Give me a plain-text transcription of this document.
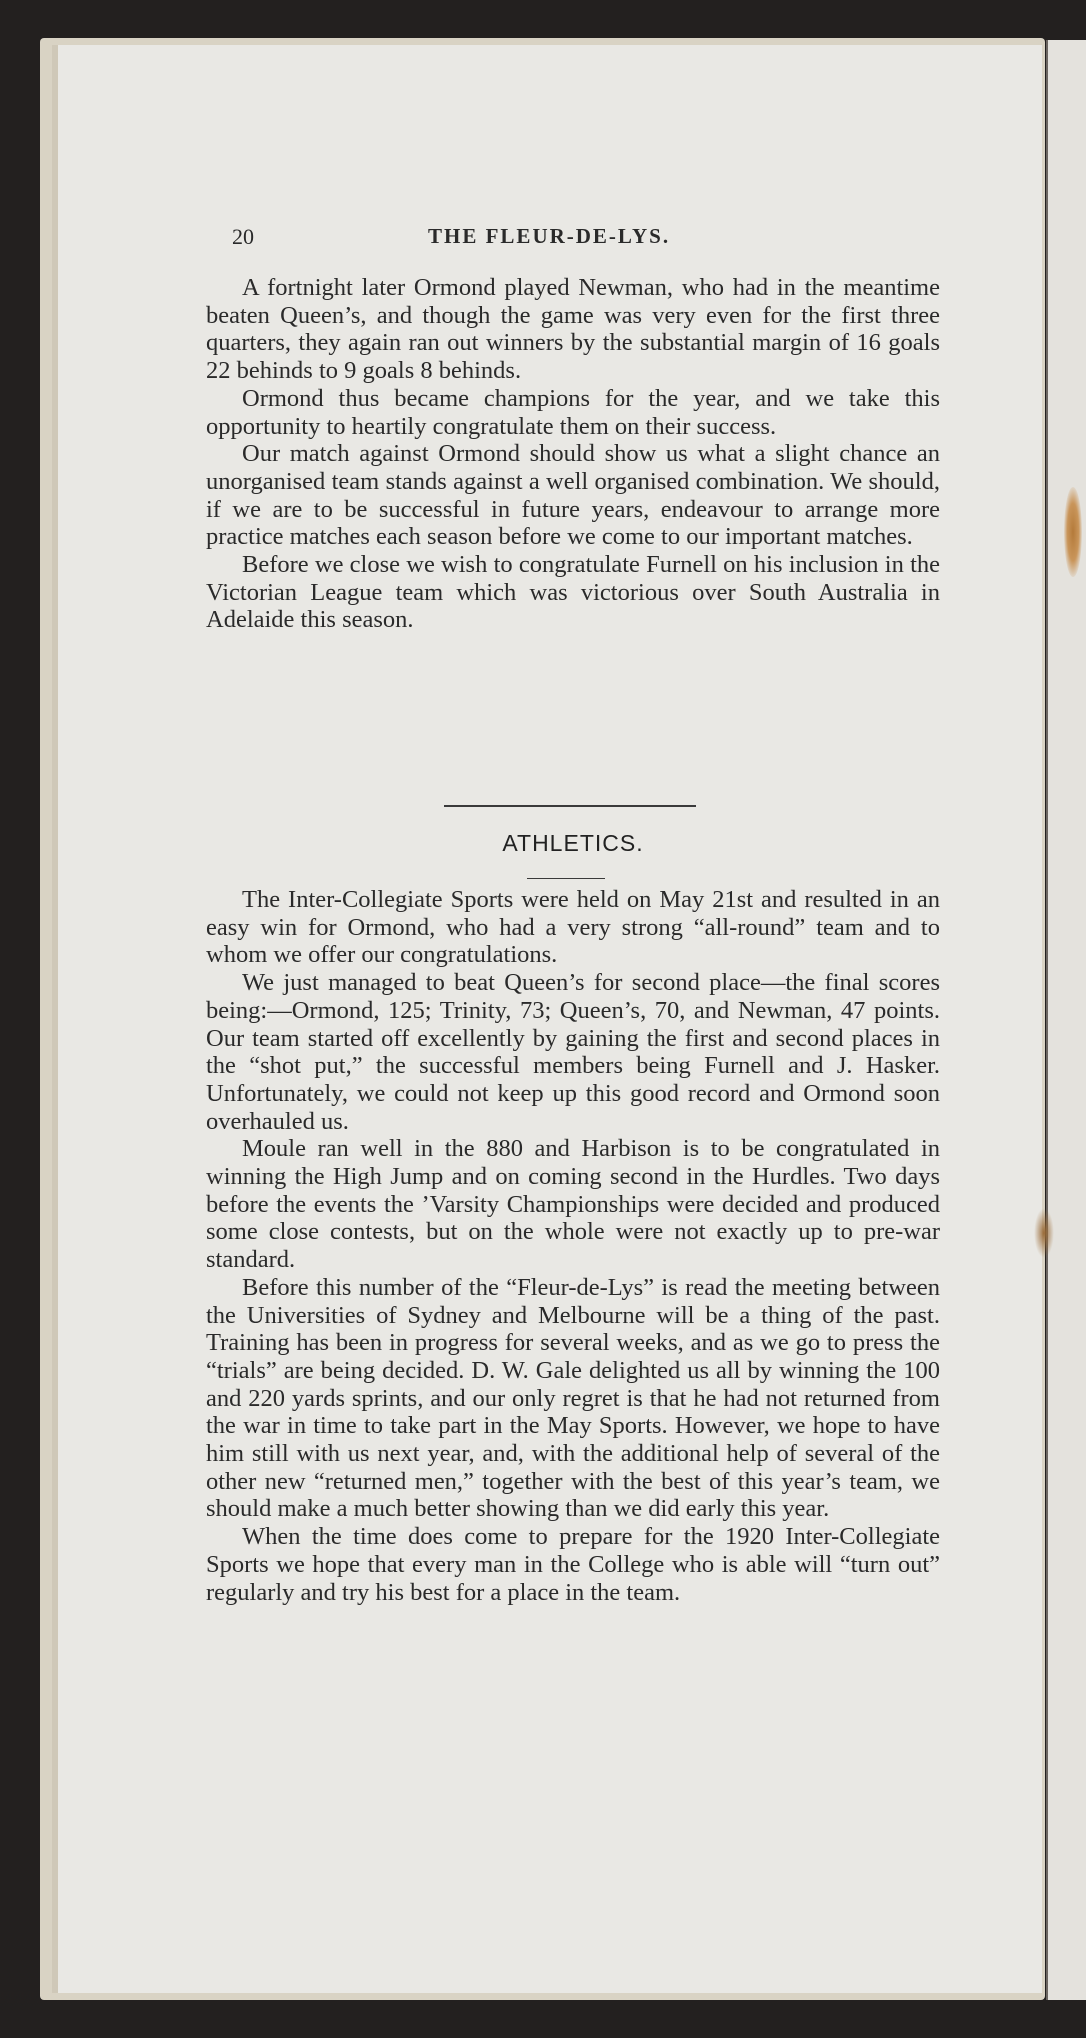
20	THE FLEUR-DE-LYS.

A fortnight later Ormond played Newman, who had in the meantime beaten Queen’s, and though the game was very even for the first three quarters, they again ran out winners by the substantial margin of 16 goals 22 behinds to 9 goals 8 behinds.

Ormond thus became champions for the year, and we take this opportunity to heartily congratulate them on their success.

Our match against Ormond should show us what a slight chance an unorganised team stands against a well organised combination. We should, if we are to be successful in future years, endeavour to arrange more practice matches each season before we come to our important matches.

Before we close we wish to congratulate Furnell on his inclusion in the Victorian League team which was victorious over South Australia in Adelaide this season.

ATHLETICS.

The Inter-Collegiate Sports were held on May 21st and resulted in an easy win for Ormond, who had a very strong “all-round” team and to whom we offer our congratulations.

We just managed to beat Queen’s for second place—the final scores being:—Ormond, 125; Trinity, 73; Queen’s, 70, and Newman, 47 points. Our team started off excellently by gaining the first and second places in the “shot put,” the successful members being Furnell and J. Hasker. Unfortunately, we could not keep up this good record and Ormond soon overhauled us.

Moule ran well in the 880 and Harbison is to be congratulated in winning the High Jump and on coming second in the Hurdles. Two days before the events the ’Varsity Championships were decided and produced some close contests, but on the whole were not exactly up to pre-war standard.

Before this number of the “Fleur-de-Lys” is read the meeting between the Universities of Sydney and Melbourne will be a thing of the past. Training has been in progress for several weeks, and as we go to press the “trials” are being decided. D. W. Gale delighted us all by winning the 100 and 220 yards sprints, and our only regret is that he had not returned from the war in time to take part in the May Sports. However, we hope to have him still with us next year, and, with the additional help of several of the other new “returned men,” together with the best of this year’s team, we should make a much better showing than we did early this year.

When the time does come to prepare for the 1920 Inter-Collegiate Sports we hope that every man in the College who is able will “turn out” regularly and try his best for a place in the team.
